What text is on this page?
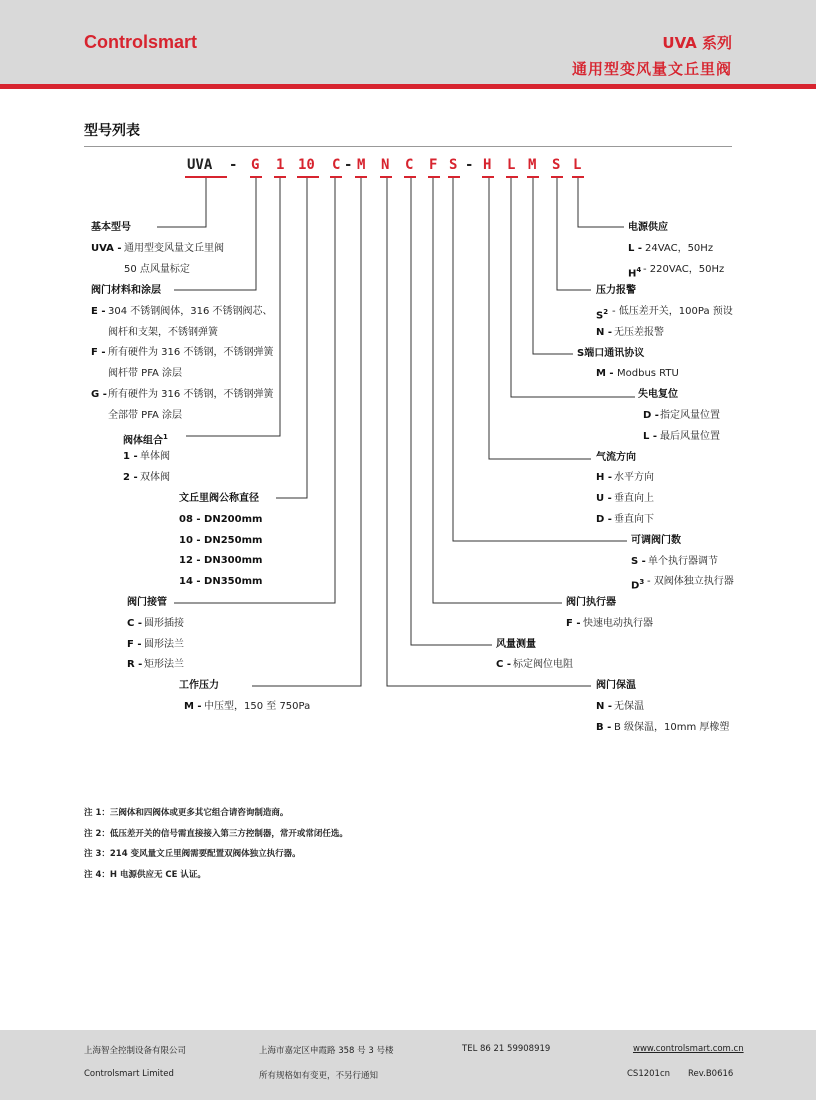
Controlsmart	UVA 系列
通用型变风量文丘里阀
型号列表
UVA - G 1 10 C - M N C F S - H L M S L
基本型号
UVA - 通用型变风量文丘里阀
50 点风量标定
阀门材料和涂层
E - 304 不锈钢阀体，316 不锈钢阀芯、
阀杆和支架，不锈钢弹簧
F - 所有硬件为 316 不锈钢，不锈钢弹簧
阀杆带 PFA 涂层
G - 所有硬件为 316 不锈钢，不锈钢弹簧
全部带 PFA 涂层
阀体组合$^1$
1 - 单体阀
2 - 双体阀
文丘里阀公称直径
08 - DN200mm
10 - DN250mm
12 - DN300mm
14 - DN350mm
阀门接管
C - 圆形插接
F - 圆形法兰
R - 矩形法兰
工作压力
M - 中压型，150 至 750Pa
电源供应
L - 24VAC，50Hz
$H^4 - 220VAC$，50Hz
压力报警
$S^2$ - 低压差开关，100Pa 预设
N - 无压差报警
S端口通讯协议
M - Modbus RTU
失电复位
D - 指定风量位置
L - 最后风量位置
气流方向
H - 水平方向
U - 垂直向上
D - 垂直向下
可调阀门数
S - 单个执行器调节
$D^3$ - 双阀体独立执行器
阀门执行器
F - 快速电动执行器
风量测量
C - 标定阀位电阻
阀门保温
N - 无保温
B - B 级保温，10mm 厚橡塑
注 1：三阀体和四阀体或更多其它组合请咨询制造商。
注 2：低压差开关的信号需直接接入第三方控制器，常开或常闭任选。
注 3：214 变风量文丘里阀需要配置双阀体独立执行器。
注 4：H 电源供应无 CE 认证。
上海智全控制设备有限公司	上海市嘉定区申霞路 358 号 3 号楼	TEL 86 21 59908919	www.controlsmart.com.cn
Controlsmart Limited	所有规格如有变更，不另行通知	CS1201cn Rev.B0616
